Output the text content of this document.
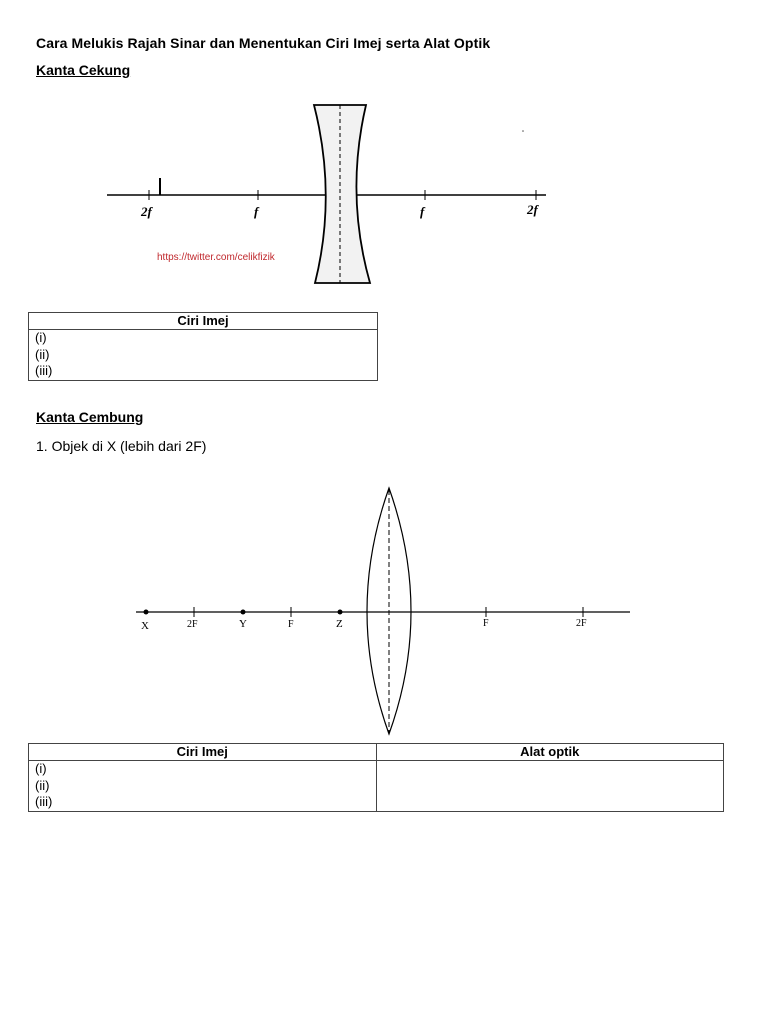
Cara Melukis Rajah Sinar dan Menentukan Ciri Imej serta Alat Optik
Kanta Cekung
2f	f	f	2f
https://twitter.com/celikfizik
Ciri Imej

(i)
(ii)
(iii)
Kanta Cembung
1. Objek di X (lebih dari 2F)
X	2F	Y	F	Z	F	2F
Ciri Imej	Alat optik

(i)
(ii)
(iii)	
